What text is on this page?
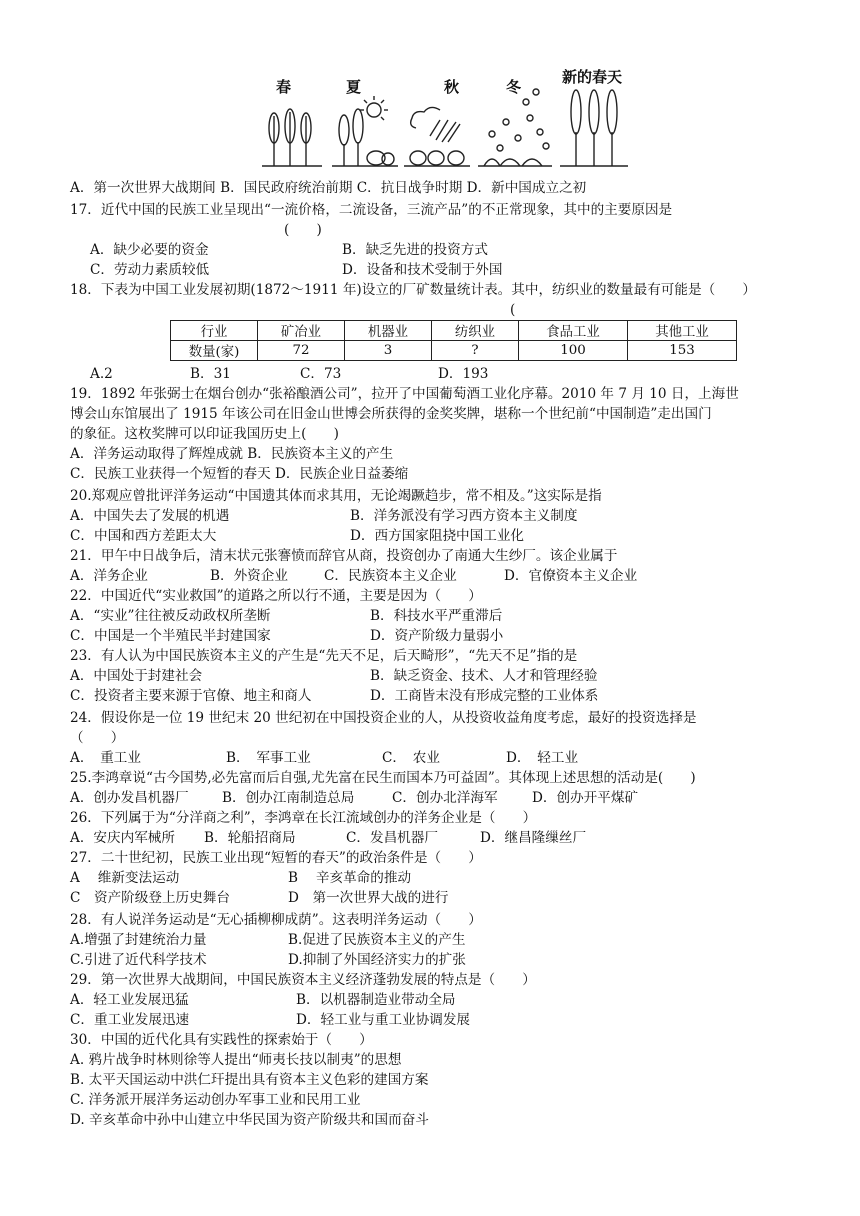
春	夏	秋	冬
新的春天
A．第一次世界大战期间 B．国民政府统治前期 C．抗日战争时期 D．新中国成立之初
17．近代中国的民族工业呈现出“一流价格，二流设备，三流产品”的不正常现象，其中的主要原因是
(　　)
A．缺少必要的资金	B．缺乏先进的投资方式
C．劳动力素质较低	D．设备和技术受制于外国
18．下表为中国工业发展初期(1872～1911 年)设立的厂矿数量统计表。其中，纺织业的数量最有可能是（　　）
(
行业	矿冶业	机器业	纺织业	食品工业	其他工业
数量(家)	72	3	?	100	153
A.2	B．31	C．73	D．193
19．1892 年张弼士在烟台创办“张裕酿酒公司”，拉开了中国葡萄酒工业化序幕。2010 年 7 月 10 日，上海世
博会山东馆展出了 1915 年该公司在旧金山世博会所获得的金奖奖牌，堪称一个世纪前“中国制造”走出国门
的象征。这枚奖牌可以印证我国历史上(　　)
A．洋务运动取得了辉煌成就 B．民族资本主义的产生
C．民族工业获得一个短暂的春天 D．民族企业日益萎缩
20.郑观应曾批评洋务运动“中国遗其体而求其用，无论竭蹶趋步，常不相及。”这实际是指
A．中国失去了发展的机遇	B．洋务派没有学习西方资本主义制度
C．中国和西方差距太大	D．西方国家阻挠中国工业化
21．甲午中日战争后，清末状元张謇愤而辞官从商，投资创办了南通大生纱厂。该企业属于
A．洋务企业	B．外资企业	C．民族资本主义企业	D．官僚资本主义企业
22．中国近代“实业救国”的道路之所以行不通，主要是因为（　　）
A．“实业”往往被反动政权所垄断	B．科技水平严重滞后
C．中国是一个半殖民半封建国家	D．资产阶级力量弱小
23．有人认为中国民族资本主义的产生是“先天不足，后天畸形”，“先天不足”指的是
A．中国处于封建社会	B．缺乏资金、技术、人才和管理经验
C．投资者主要来源于官僚、地主和商人	D．工商皆末没有形成完整的工业体系
24．假设你是一位 19 世纪末 20 世纪初在中国投资企业的人，从投资收益角度考虑，最好的投资选择是
（　　）
A．　重工业	B．　军事工业	C．　农业	D．　轻工业
25.李鸿章说“古今国势,必先富而后自强,尤先富在民生而国本乃可益固”。其体现上述思想的活动是(　　)
A．创办发昌机器厂 B．创办江南制造总局	C．创办北洋海军	D．创办开平煤矿
26．下列属于为“分洋商之利”，李鸿章在长江流域创办的洋务企业是（　　）
A．安庆内军械所 B．轮船招商局	C．发昌机器厂	D．继昌隆缫丝厂
27．二十世纪初，民族工业出现“短暂的春天”的政治条件是（　　）
A　 维新变法运动	B　 辛亥革命的推动
C　资产阶级登上历史舞台	D　第一次世界大战的进行
28．有人说洋务运动是“无心插柳柳成荫”。这表明洋务运动（　　）
A.增强了封建统治力量	B.促进了民族资本主义的产生
C.引进了近代科学技术	D.抑制了外国经济实力的扩张
29．第一次世界大战期间，中国民族资本主义经济蓬勃发展的特点是（　　）
A．轻工业发展迅猛	B．以机器制造业带动全局
C．重工业发展迅速	D．轻工业与重工业协调发展
30．中国的近代化具有实践性的探索始于（　　）
A. 鸦片战争时林则徐等人提出“师夷长技以制夷”的思想
B. 太平天国运动中洪仁玕提出具有资本主义色彩的建国方案
C. 洋务派开展洋务运动创办军事工业和民用工业
D. 辛亥革命中孙中山建立中华民国为资产阶级共和国而奋斗
